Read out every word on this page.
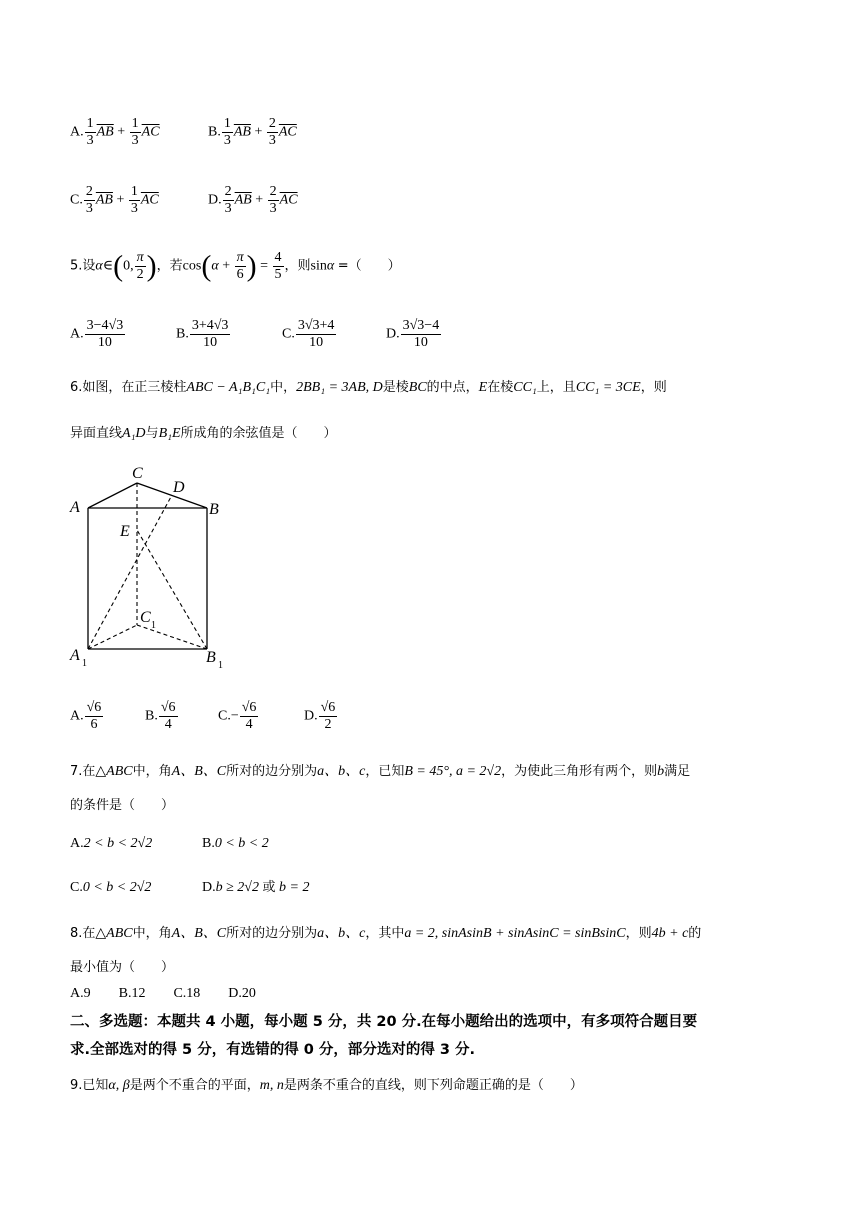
A. $\frac{1}{3} \overline{AB} + \frac{1}{3} \overline{AC}$	B. $\frac{1}{3} \overline{AB} + \frac{2}{3} \overline{AC}$
C. $\frac{2}{3} \overline{AB} + \frac{1}{3} \overline{AC}$	D. $\frac{2}{3} \overline{AB} + \frac{2}{3} \overline{AC}$
5.设α∈(0, $\frac{\pi}{2}$ )，若$\cos(\alpha + \frac{\pi}{6}$ ) = $\frac{4}{5}$ ，则sinα =（　　）
A. $\frac{3-4√3}{10}$	B. $\frac{3+4√3}{10}$	C. $\frac{3√3+4}{10}$	D. $\frac{3√3-4}{10}$
6.如图，在正三棱柱ABC − A₁B₁C₁中，2BB₁ = 3AB, D是棱BC的中点，E在棱CC₁上，且CC₁ = 3CE，则
异面直线A₁D与B₁E所成角的余弦值是（　　）
C
D
A	B
E
C 1
A 1	B 1
A. $\frac{√6}{6}$	B. $\frac{√6}{4}$	$C.- \frac{√6}{4}$	D. $\frac{√6}{2}$
7.在△ABC中，角A、B、C所对的边分别为a、b、c，已知B = 45°, a = 2√2，为使此三角形有两个，则b满足
的条件是（　　）
A.2 < b < 2√2	B.0 < b < 2
C.0 < b < 2√2	D.b ≥ 2√2 或 b = 2
8.在△ABC中，角A、B、C所对的边分别为a、b、c，其中a = 2, sinAsinB + sinAsinC = sinBsinC，则4b + c的
最小值为（　　）
A.9　　B.12　　C.18　　D.20
二、多选题：本题共 4 小题，每小题 5 分，共 20 分.在每小题给出的选项中，有多项符合题目要
求.全部选对的得 5 分，有选错的得 0 分，部分选对的得 3 分.
9.已知α, β是两个不重合的平面，m, n是两条不重合的直线，则下列命题正确的是（　　）
